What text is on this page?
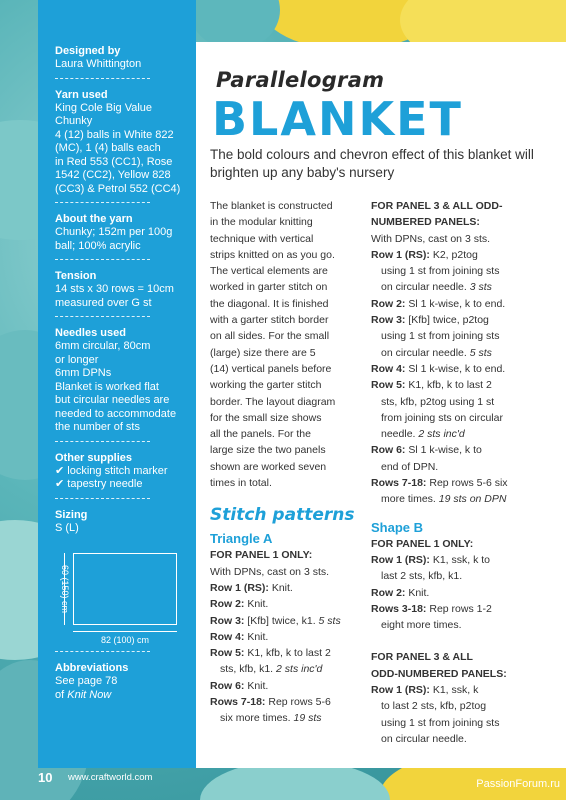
Designed by
Laura Whittington
Yarn used
King Cole Big Value Chunky
4 (12) balls in White 822
(MC), 1 (4) balls each
in Red 553 (CC1), Rose
1542 (CC2), Yellow 828
(CC3) & Petrol 552 (CC4)
About the yarn
Chunky; 152m per 100g
ball; 100% acrylic
Tension
14 sts x 30 rows = 10cm
measured over G st
Needles used
6mm circular, 80cm
or longer
6mm DPNs
Blanket is worked flat
but circular needles are
needed to accommodate
the number of sts
Other supplies
✔ locking stitch marker
✔ tapestry needle
Sizing
S (L)
60 (150) cm
82 (100) cm
Abbreviations
See page 78
of Knit Now
Parallelogram
BLANKET
The bold colours and chevron effect of this blanket will brighten up any baby's nursery
The blanket is constructed
in the modular knitting
technique with vertical
strips knitted on as you go.
The vertical elements are
worked in garter stitch on
the diagonal. It is finished
with a garter stitch border
on all sides. For the small
(large) size there are 5
(14) vertical panels before
working the garter stitch
border. The layout diagram
for the small size shows
all the panels. For the
large size the two panels
shown are worked seven
times in total.
Stitch patterns
Triangle A
FOR PANEL 1 ONLY:
With DPNs, cast on 3 sts.
Row 1 (RS): Knit.
Row 2: Knit.
Row 3: [Kfb] twice, k1. 5 sts
Row 4: Knit.
Row 5: K1, kfb, k to last 2
sts, kfb, k1. 2 sts inc'd
Row 6: Knit.
Rows 7-18: Rep rows 5-6
six more times. 19 sts
FOR PANEL 3 & ALL ODD-
NUMBERED PANELS:
With DPNs, cast on 3 sts.
Row 1 (RS): K2, p2tog
using 1 st from joining sts
on circular needle. 3 sts
Row 2: Sl 1 k-wise, k to end.
Row 3: [Kfb] twice, p2tog
using 1 st from joining sts
on circular needle. 5 sts
Row 4: Sl 1 k-wise, k to end.
Row 5: K1, kfb, k to last 2
sts, kfb, p2tog using 1 st
from joining sts on circular
needle. 2 sts inc'd
Row 6: Sl 1 k-wise, k to
end of DPN.
Rows 7-18: Rep rows 5-6 six
more times. 19 sts on DPN
Shape B
FOR PANEL 1 ONLY:
Row 1 (RS): K1, ssk, k to
last 2 sts, kfb, k1.
Row 2: Knit.
Rows 3-18: Rep rows 1-2
eight more times.
FOR PANEL 3 & ALL
ODD-NUMBERED PANELS:
Row 1 (RS): K1, ssk, k
to last 2 sts, kfb, p2tog
using 1 st from joining sts
on circular needle.
10 www.craftworld.com
PassionForum.ru
